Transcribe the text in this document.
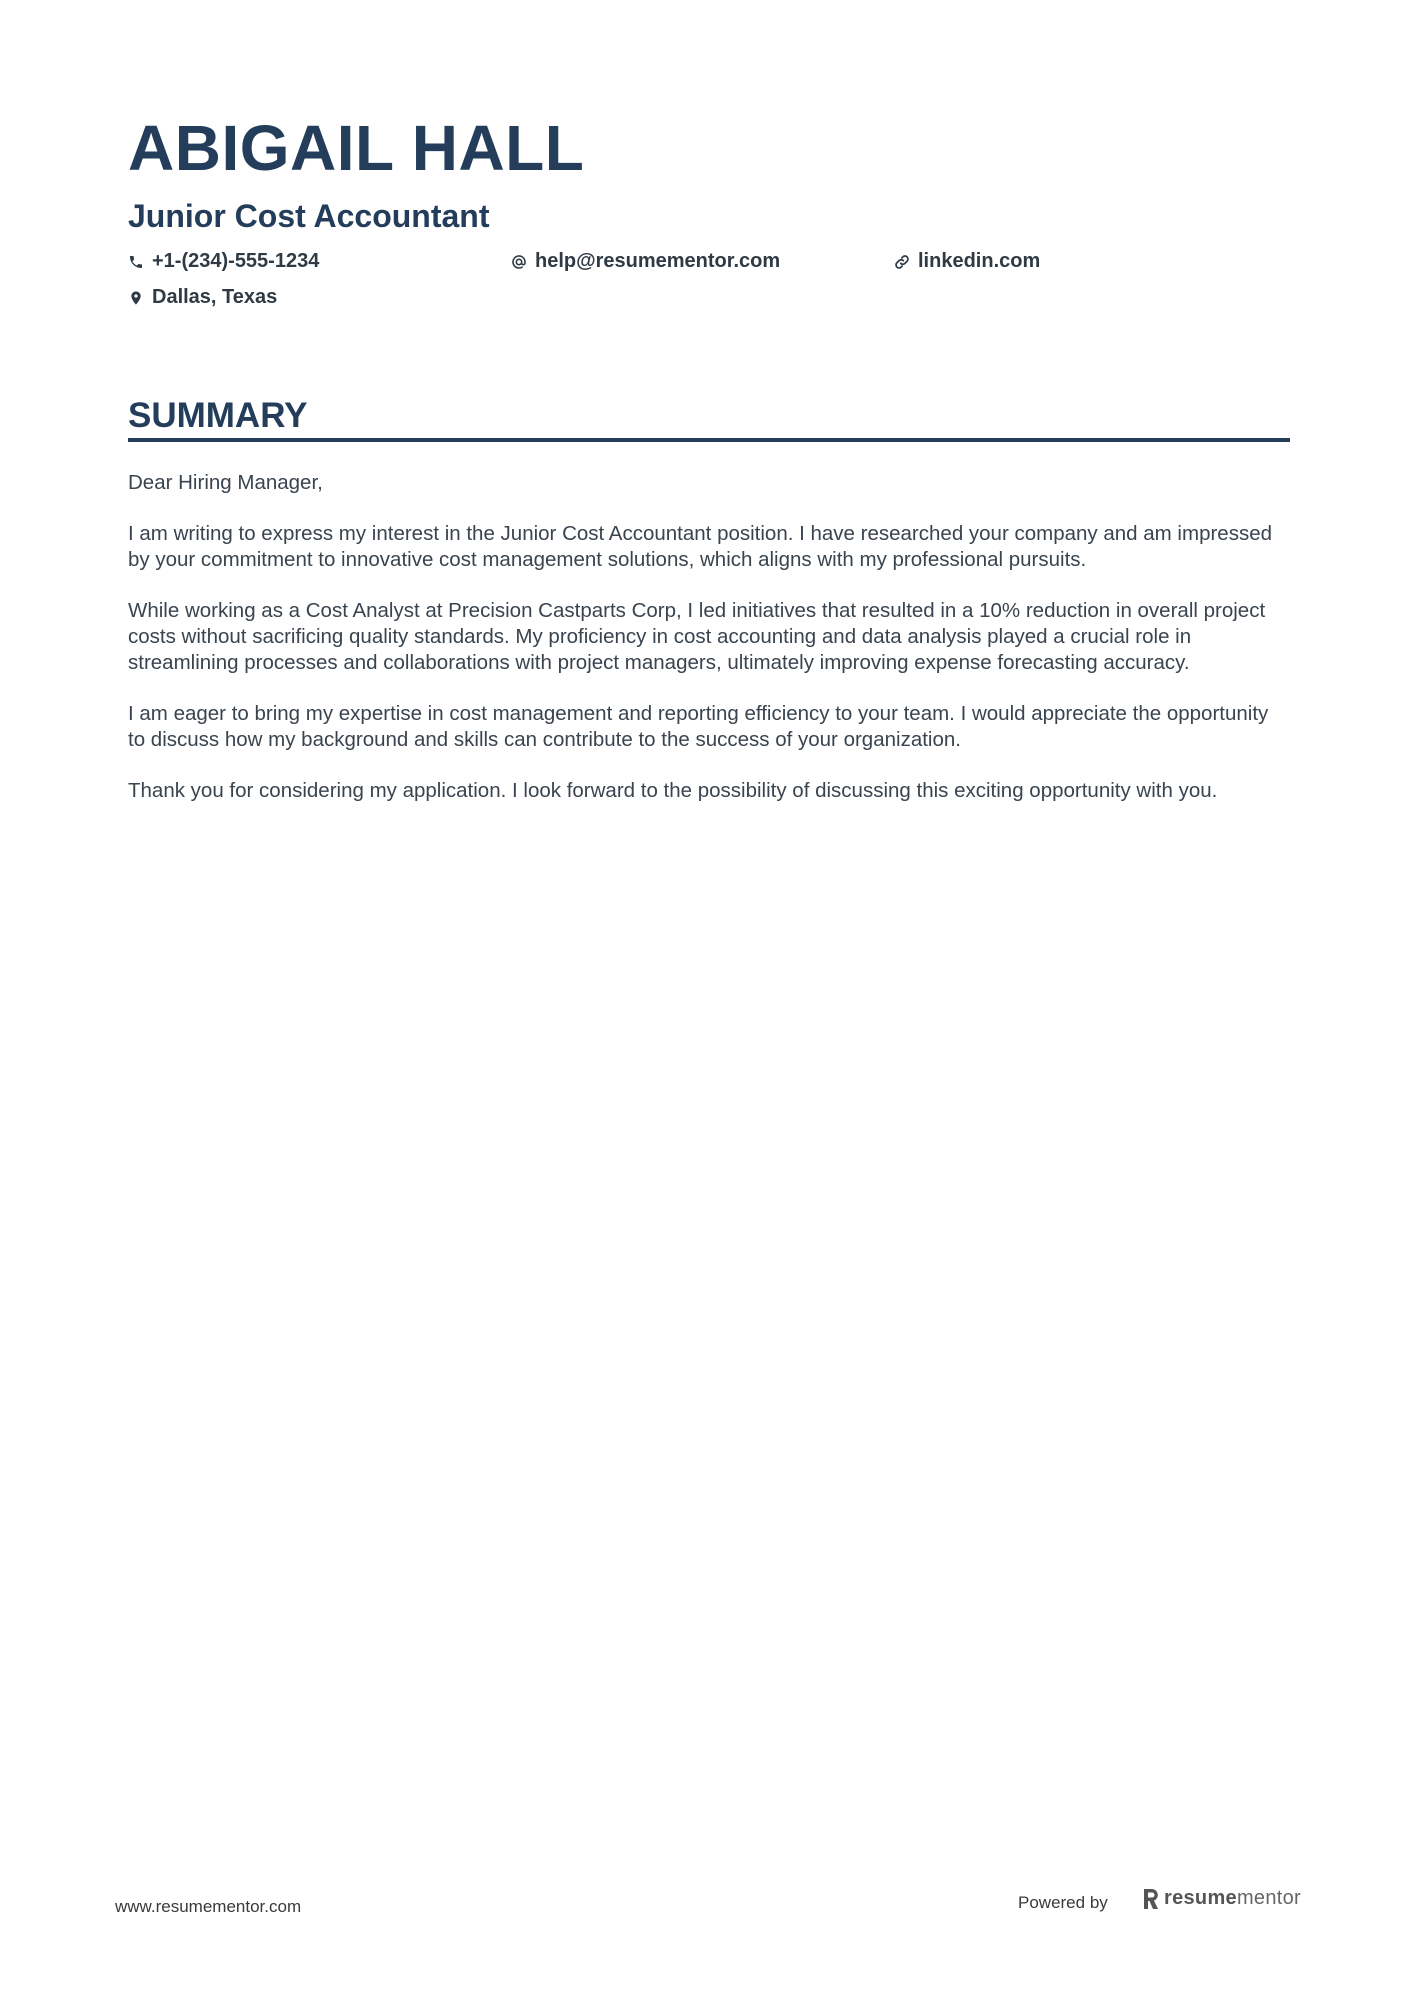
ABIGAIL HALL
Junior Cost Accountant
+1-(234)-555-1234	help@resumementor.com	linkedin.com
Dallas, Texas
SUMMARY

Dear Hiring Manager,

I am writing to express my interest in the Junior Cost Accountant position. I have researched your company and am impressed by your commitment to innovative cost management solutions, which aligns with my professional pursuits.

While working as a Cost Analyst at Precision Castparts Corp, I led initiatives that resulted in a 10% reduction in overall project costs without sacrificing quality standards. My proficiency in cost accounting and data analysis played a crucial role in streamlining processes and collaborations with project managers, ultimately improving expense forecasting accuracy.

I am eager to bring my expertise in cost management and reporting efficiency to your team. I would appreciate the opportunity to discuss how my background and skills can contribute to the success of your organization.

Thank you for considering my application. I look forward to the possibility of discussing this exciting opportunity with you.

www.resumementor.com	Powered by	resumementor
